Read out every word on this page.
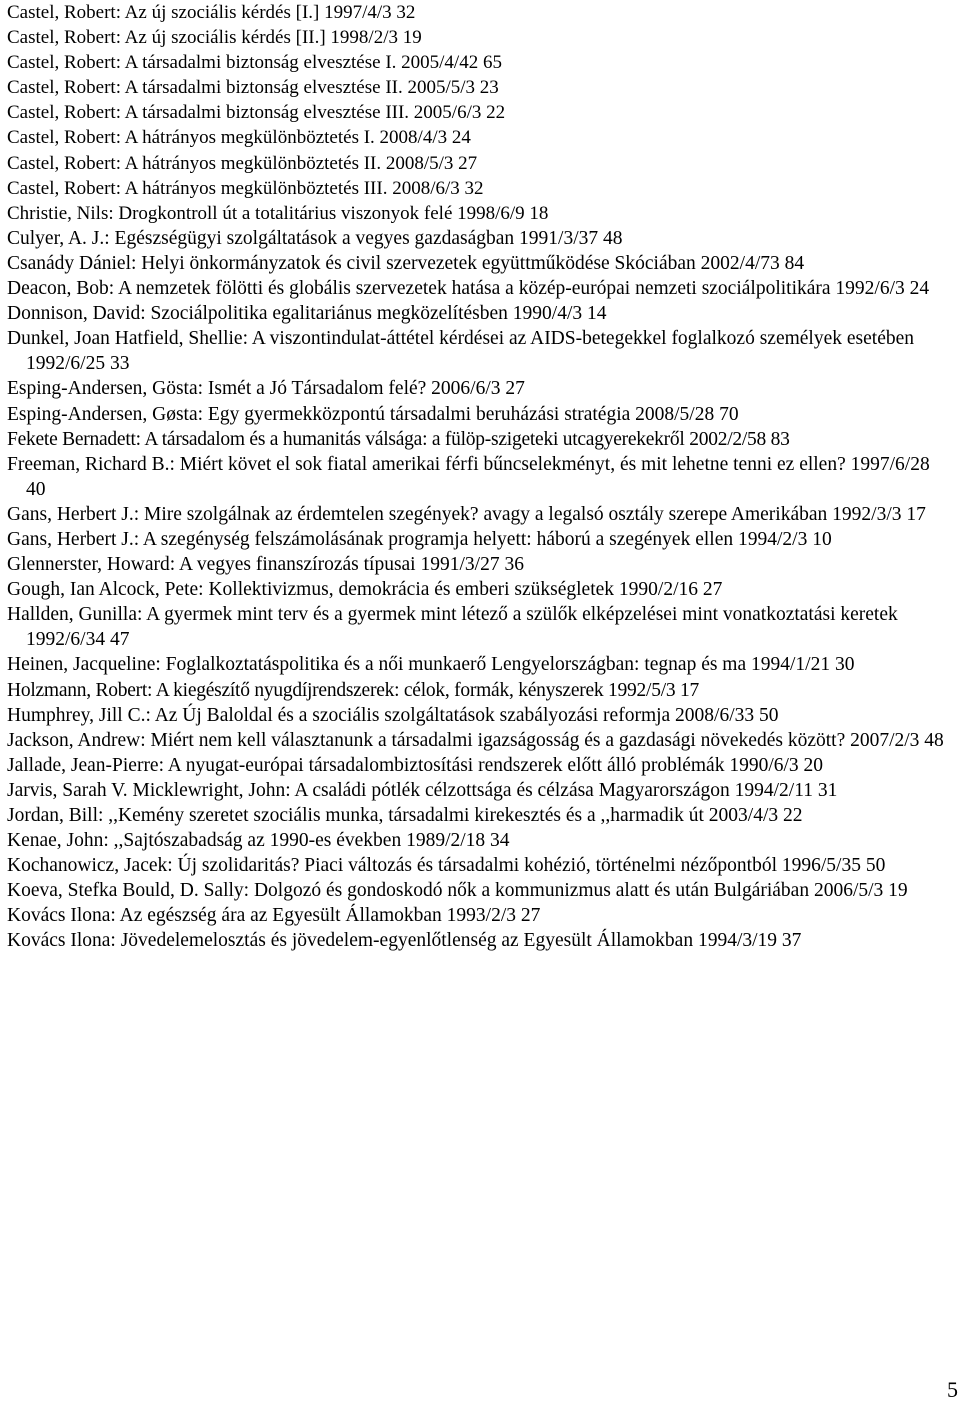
Castel, Robert: Az új szociális kérdés [I.] 1997/4/3 32
Castel, Robert: Az új szociális kérdés [II.] 1998/2/3 19
Castel, Robert: A társadalmi biztonság elvesztése I. 2005/4/42 65
Castel, Robert: A társadalmi biztonság elvesztése II. 2005/5/3 23
Castel, Robert: A társadalmi biztonság elvesztése III. 2005/6/3 22
Castel, Robert: A hátrányos megkülönböztetés I. 2008/4/3 24
Castel, Robert: A hátrányos megkülönböztetés II. 2008/5/3 27
Castel, Robert: A hátrányos megkülönböztetés III. 2008/6/3 32
Christie, Nils: Drogkontroll út a totalitárius viszonyok felé 1998/6/9 18
Culyer, A. J.: Egészségügyi szolgáltatások a vegyes gazdaságban 1991/3/37 48
Csanády Dániel: Helyi önkormányzatok és civil szervezetek együttműködése Skóciában 2002/4/73 84
Deacon, Bob: A nemzetek fölötti és globális szervezetek hatása a közép-európai nemzeti szociálpolitikára 1992/6/3 24
Donnison, David: Szociálpolitika egalitariánus megközelítésben 1990/4/3 14
Dunkel, Joan Hatfield, Shellie: A viszontindulat-áttétel kérdései az AIDS-betegekkel foglalkozó személyek esetében 1992/6/25 33
Esping-Andersen, Gösta: Ismét a Jó Társadalom felé? 2006/6/3 27
Esping-Andersen, Gøsta: Egy gyermekközpontú társadalmi beruházási stratégia 2008/5/28 70
Fekete Bernadett: A társadalom és a humanitás válsága: a fülöp-szigeteki utcagyerekekről 2002/2/58 83
Freeman, Richard B.: Miért követ el sok fiatal amerikai férfi bűncselekményt, és mit lehetne tenni ez ellen? 1997/6/28 40
Gans, Herbert J.: Mire szolgálnak az érdemtelen szegények? avagy a legalsó osztály szerepe Amerikában 1992/3/3 17
Gans, Herbert J.: A szegénység felszámolásának programja helyett: háború a szegények ellen 1994/2/3 10
Glennerster, Howard: A vegyes finanszírozás típusai 1991/3/27 36
Gough, Ian Alcock, Pete: Kollektivizmus, demokrácia és emberi szükségletek 1990/2/16 27
Hallden, Gunilla: A gyermek mint terv és a gyermek mint létező a szülők elképzelései mint vonatkoztatási keretek 1992/6/34 47
Heinen, Jacqueline: Foglalkoztatáspolitika és a női munkaerő Lengyelországban: tegnap és ma 1994/1/21 30
Holzmann, Robert: A kiegészítő nyugdíjrendszerek: célok, formák, kényszerek 1992/5/3 17
Humphrey, Jill C.: Az Új Baloldal és a szociális szolgáltatások szabályozási reformja 2008/6/33 50
Jackson, Andrew: Miért nem kell választanunk a társadalmi igazságosság és a gazdasági növekedés között? 2007/2/3 48
Jallade, Jean-Pierre: A nyugat-európai társadalombiztosítási rendszerek előtt álló problémák 1990/6/3 20
Jarvis, Sarah V. Micklewright, John: A családi pótlék célzottsága és célzása Magyarországon 1994/2/11 31
Jordan, Bill: ,,Kemény szeretet szociális munka, társadalmi kirekesztés és a ,,harmadik út 2003/4/3 22
Kenae, John: ,,Sajtószabadság az 1990-es években 1989/2/18 34
Kochanowicz, Jacek: Új szolidaritás? Piaci változás és társadalmi kohézió, történelmi nézőpontból 1996/5/35 50
Koeva, Stefka Bould, D. Sally: Dolgozó és gondoskodó nők a kommunizmus alatt és után Bulgáriában 2006/5/3 19
Kovács Ilona: Az egészség ára az Egyesült Államokban 1993/2/3 27
Kovács Ilona: Jövedelemelosztás és jövedelem-egyenlőtlenség az Egyesült Államokban 1994/3/19 37
5
